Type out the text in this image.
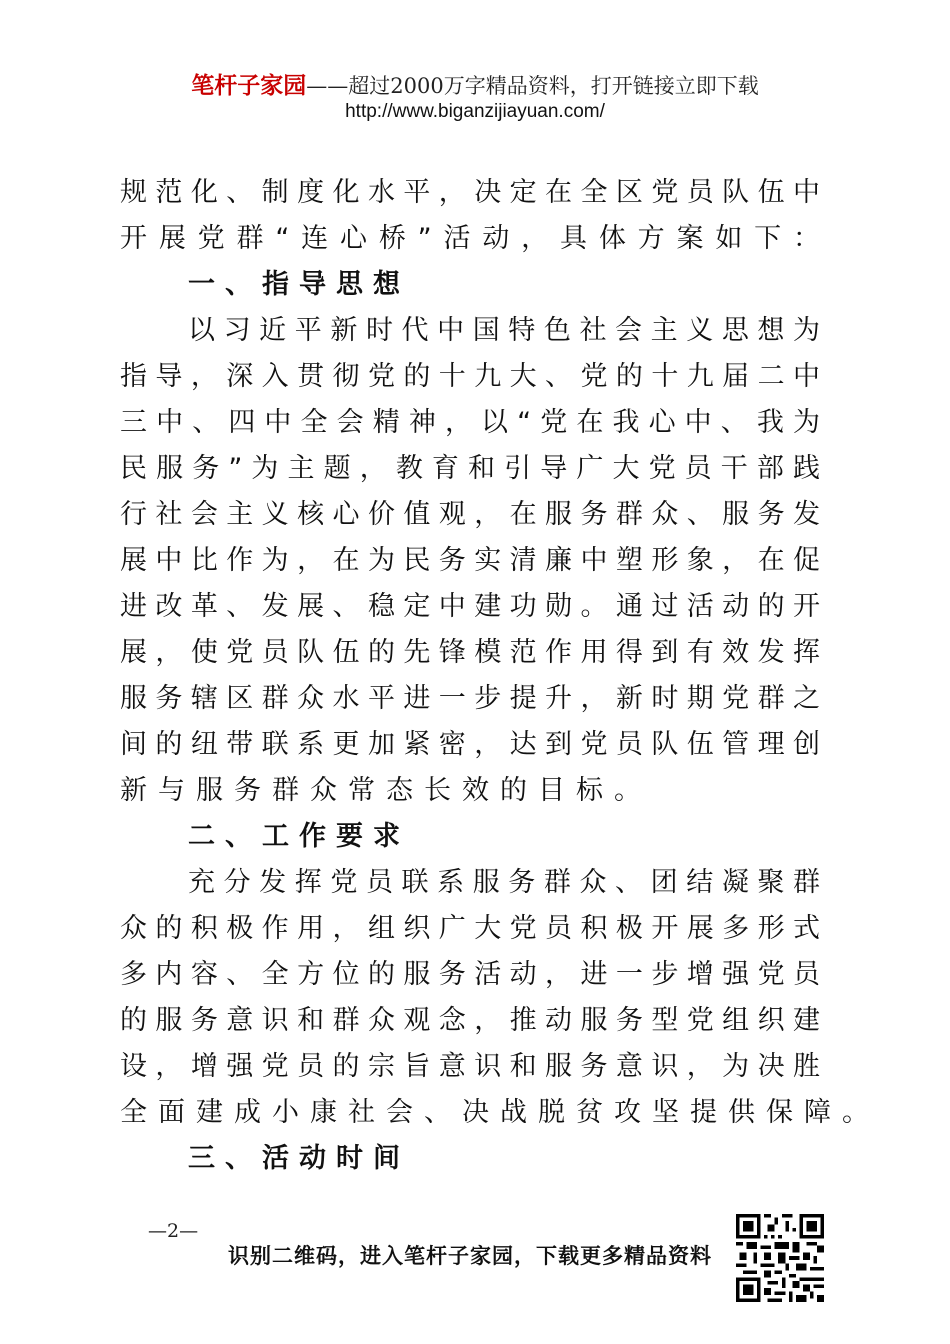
笔杆子家园——超过2000万字精品资料，打开链接立即下载
http://www.biganzijiayuan.com/
规范化、制度化水平，决定在全区党员队伍中
开展党群“连心桥”活动，具体方案如下：
一、指导思想
以习近平新时代中国特色社会主义思想为
指导，深入贯彻党的十九大、党的十九届二中
三中、四中全会精神，以“党在我心中、我为
民服务”为主题，教育和引导广大党员干部践
行社会主义核心价值观，在服务群众、服务发
展中比作为，在为民务实清廉中塑形象，在促
进改革、发展、稳定中建功勋。通过活动的开
展，使党员队伍的先锋模范作用得到有效发挥
服务辖区群众水平进一步提升，新时期党群之
间的纽带联系更加紧密，达到党员队伍管理创
新与服务群众常态长效的目标。
二、工作要求
充分发挥党员联系服务群众、团结凝聚群
众的积极作用，组织广大党员积极开展多形式
多内容、全方位的服务活动，进一步增强党员
的服务意识和群众观念，推动服务型党组织建
设，增强党员的宗旨意识和服务意识，为决胜
全面建成小康社会、决战脱贫攻坚提供保障。
三、活动时间
—2—
识别二维码，进入笔杆子家园，下载更多精品资料
